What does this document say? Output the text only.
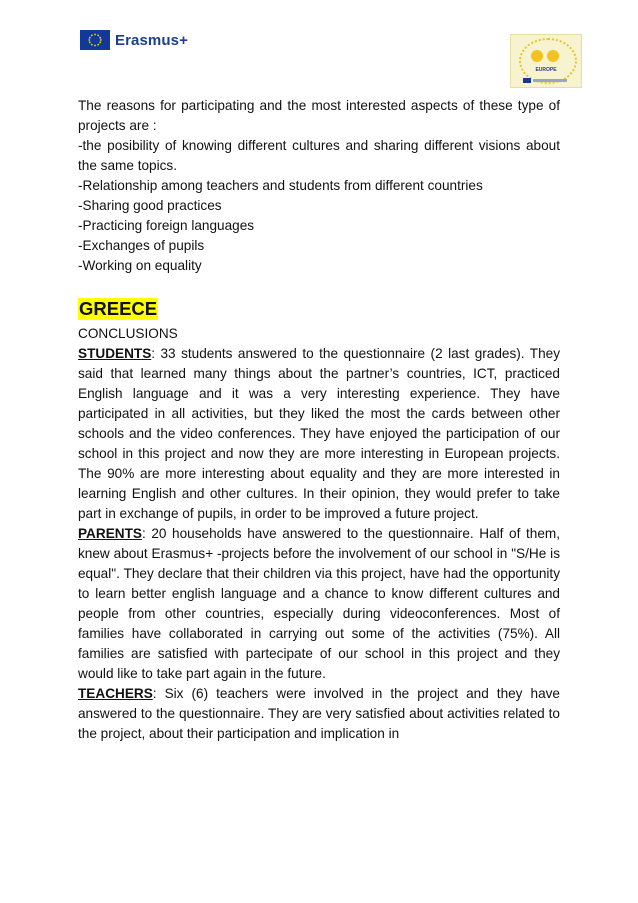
Erasmus+
EUROPE

The reasons for participating and the most interested aspects of these type of projects are :

-the posibility of knowing different cultures and sharing different visions about the same topics.

-Relationship among teachers and students from different countries

-Sharing good practices

-Practicing foreign languages

-Exchanges of pupils

-Working on equality

GREECE

CONCLUSIONS

STUDENTS: 33 students answered to the questionnaire (2 last grades). They said that learned many things about the partner’s countries, ICT, practiced English language and it was a very interesting experience. They have participated in all activities, but they liked the most the cards between other schools and the video conferences. They have enjoyed the participation of our school in this project and now they are more interesting in European projects. The 90% are more interesting about equality and they are more interested in learning English and other cultures. In their opinion, they would prefer to take part in exchange of pupils, in order to be improved a future project.

PARENTS: 20 households have answered to the questionnaire. Half of them, knew about Erasmus+ -projects before the involvement of our school in "S/He is equal". They declare that their children via this project, have had the opportunity to learn better english language and a chance to know different cultures and people from other countries, especially during videoconferences. Most of families have collaborated in carrying out some of the activities (75%). All families are satisfied with partecipate of our school in this project and they would like to take part again in the future.

TEACHERS: Six (6) teachers were involved in the project and they have answered to the questionnaire. They are very satisfied about activities related to the project, about their participation and implication in
